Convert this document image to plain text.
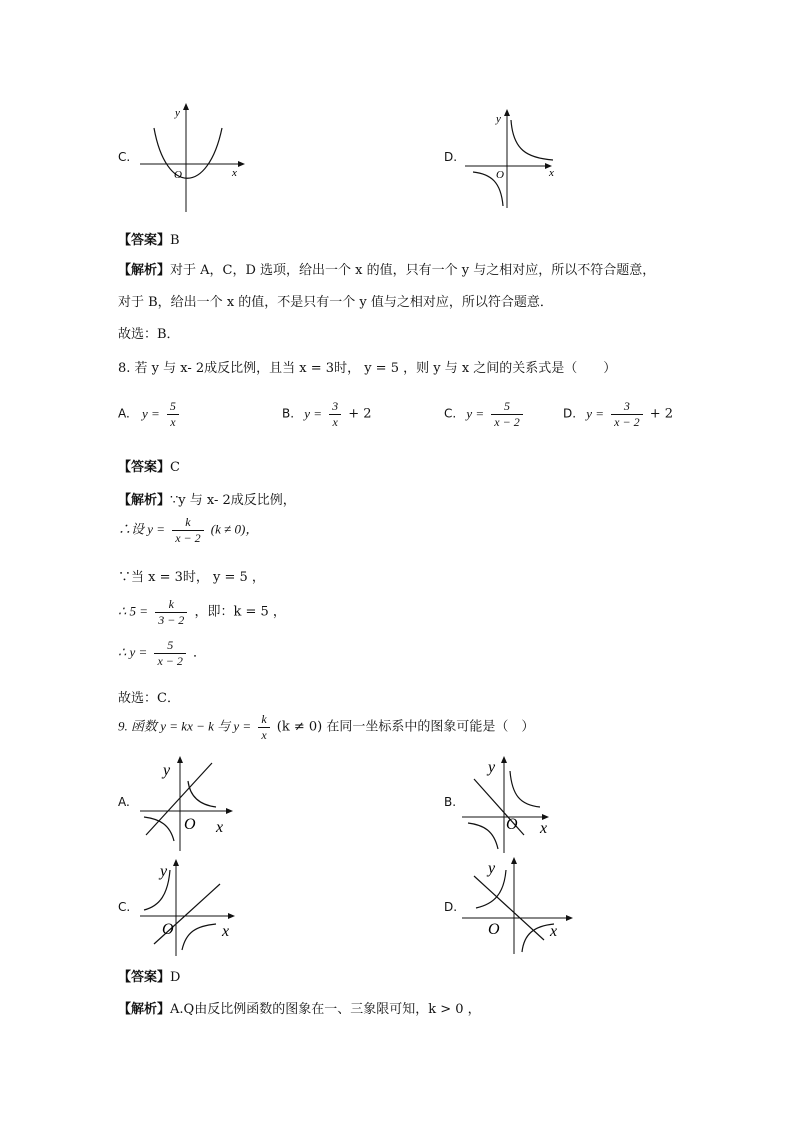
C.
y
x
O
D.
y
x
O
【答案】B
【解析】对于 A，C，D 选项，给出一个 x 的值，只有一个 y 与之相对应，所以不符合题意，
对于 B，给出一个 x 的值，不是只有一个 y 值与之相对应，所以符合题意．
故选：B．
8. 若 y 与 x- 2成反比例，且当 x = 3时， y = 5 ，则 y 与 x 之间的关系式是（　　）
A. $y = \frac{5}{x}$	B. $y = \frac{3}{x} + 2$	C. $y = \frac{5}{x - 2}$	D. $y = \frac{3}{x - 2} + 2$
【答案】C
【解析】∵y 与 x- 2成反比例，
∴设 $y = \frac{k}{x - 2} (k \ne 0)$，
∵当 x = 3时， y = 5 ，
∴ $5 = \frac{k}{3 - 2}$ ，即：k = 5 ，
∴ $y = \frac{5}{x - 2}$ ．
故选：C．
9. 函数 y = kx − k 与 $y = \frac{k}{x} (k \ne 0)$ 在同一坐标系中的图象可能是（　）
A.
y
x
O
B.
y
x
O
C.
y
x
O
D.
y
x
O
【答案】D
【解析】A.Q由反比例函数的图象在一、三象限可知，k > 0 ，
